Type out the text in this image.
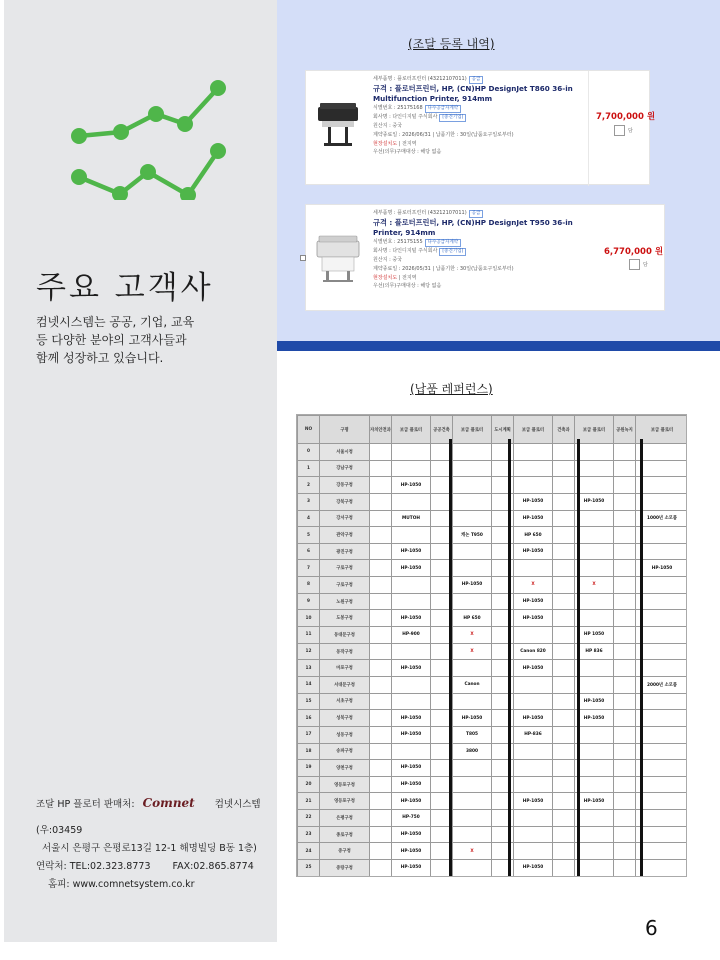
주요 고객사
컴넷시스템는 공공, 기업, 교육
등 다양한 분야의 고객사들과
함께 성장하고 있습니다.
조달 HP 플로터 판매처: Comnet 컴넷시스템
(우:03459
서울시 은평구 은평로13길 12-1 해명빌딩 B동 1층)
연락처: TEL:02.323.8773 FAX:02.865.8774
홈피: www.comnetsystem.co.kr
(조달 등록 내역)
세부품명 : 플로터프린터 (43212107011) 공급
규격 : 플로터프린터, HP, (CN)HP DesignJet T860 36-in Multifunction Printer, 914mm
식별번호 : 25175168 다수공급자계약
회사명 : 다인디지털 주식회사 [중견기업]
원산지 : 중국
계약종료일 : 2026/06/31 | 납품기한 : 30일(납품요구일로부터)
현장설치도 | 전지역
우선(의무)구매대상 : 해당 없음
7,700,000 원
담
세부품명 : 플로터프린터 (43212107011) 공급
규격 : 플로터프린터, HP, (CN)HP DesignJet T950 36-in Printer, 914mm
식별번호 : 25175155 다수공급자계약
회사명 : 다인디지털 주식회사 [중견기업]
원산지 : 중국
계약종료일 : 2026/05/31 | 납품기한 : 30일(납품요구일로부터)
현장설치도 | 전지역
우선(의무)구매대상 : 해당 없음
6,770,000 원
담
(납품 레퍼런스)
NO	구명	자치안전과	보급 플로터	공공건축	보급 플로터	도시계획	보급 플로터	건축과	보급 플로터	공원녹지	보급 플로터
0	서울시청										
1	강남구청										
2	강동구청		HP-1050								
3	강북구청						HP-1050		HP-1050		
4	강서구청		MUTOH				HP-1050				1000년 소모품
5	관악구청				캐논 T950		HP 650				
6	광진구청		HP-1050				HP-1050				
7	구로구청		HP-1050								HP-1050
8	구로구청				HP-1050		X		X		
9	노원구청						HP-1050				
10	도봉구청		HP-1050		HP 650		HP-1050				
11	동대문구청		HP-900		X				HP 1050		
12	동작구청				X		Canon 820		HP 836		
13	마포구청		HP-1050				HP-1050				
14	서대문구청				Canon						2000년 소모품
15	서초구청								HP-1050		
16	성북구청		HP-1050		HP-1050		HP-1050		HP-1050		
17	성동구청		HP-1050		T805		HP-836				
18	송파구청				3800						
19	양천구청		HP-1050								
20	영등포구청		HP-1050								
21	영등포구청		HP-1050				HP-1050		HP-1050		
22	은평구청		HP-750								
23	종로구청		HP-1050								
24	중구청		HP-1050		X						
25	중랑구청		HP-1050				HP-1050				
6
